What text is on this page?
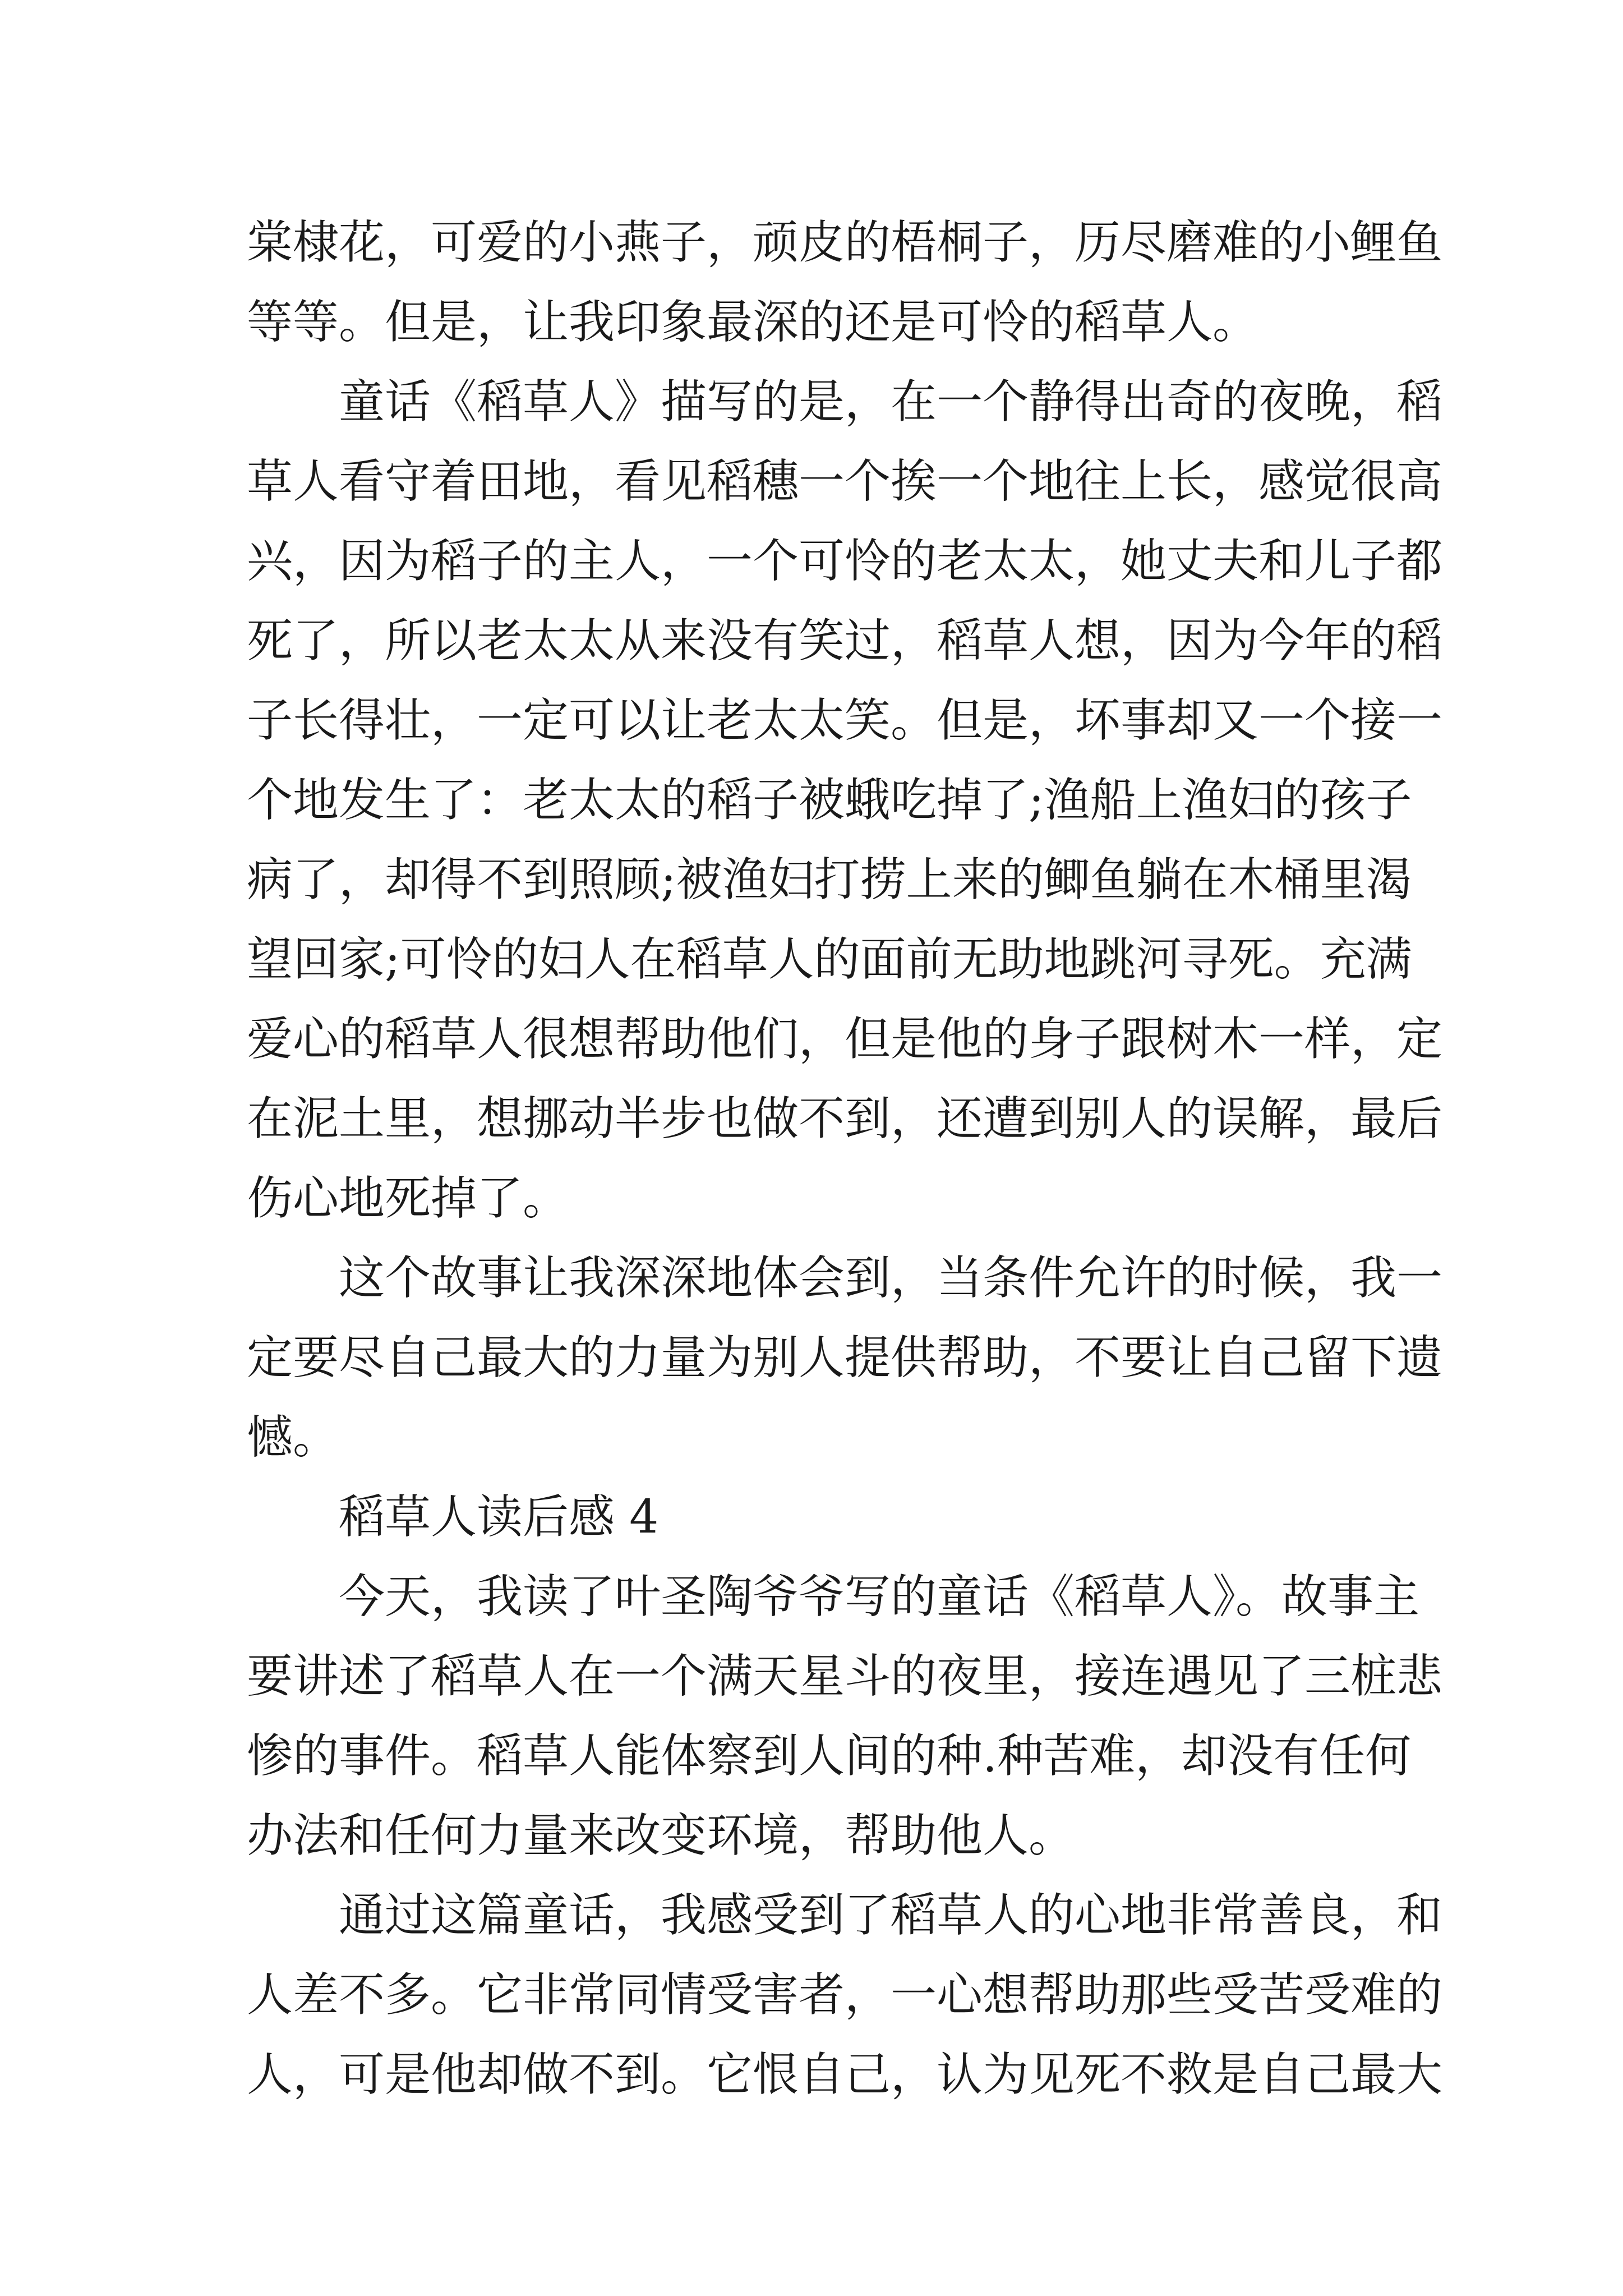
棠棣花，可爱的小燕子，顽皮的梧桐子，历尽磨难的小鲤鱼
等等。但是，让我印象最深的还是可怜的稻草人。
童话《稻草人》描写的是，在一个静得出奇的夜晚，稻
草人看守着田地，看见稻穗一个挨一个地往上长，感觉很高
兴，因为稻子的主人，一个可怜的老太太，她丈夫和儿子都
死了，所以老太太从来没有笑过，稻草人想，因为今年的稻
子长得壮，一定可以让老太太笑。但是，坏事却又一个接一
个地发生了：老太太的稻子被蛾吃掉了;渔船上渔妇的孩子
病了，却得不到照顾;被渔妇打捞上来的鲫鱼躺在木桶里渴
望回家;可怜的妇人在稻草人的面前无助地跳河寻死。充满
爱心的稻草人很想帮助他们，但是他的身子跟树木一样，定
在泥土里，想挪动半步也做不到，还遭到别人的误解，最后
伤心地死掉了。
这个故事让我深深地体会到，当条件允许的时候，我一
定要尽自己最大的力量为别人提供帮助，不要让自己留下遗
憾。
稻草人读后感 4
今天，我读了叶圣陶爷爷写的童话《稻草人》。故事主
要讲述了稻草人在一个满天星斗的夜里，接连遇见了三桩悲
惨的事件。稻草人能体察到人间的种.种苦难，却没有任何
办法和任何力量来改变环境，帮助他人。
通过这篇童话，我感受到了稻草人的心地非常善良，和
人差不多。它非常同情受害者，一心想帮助那些受苦受难的
人，可是他却做不到。它恨自己，认为见死不救是自己最大
